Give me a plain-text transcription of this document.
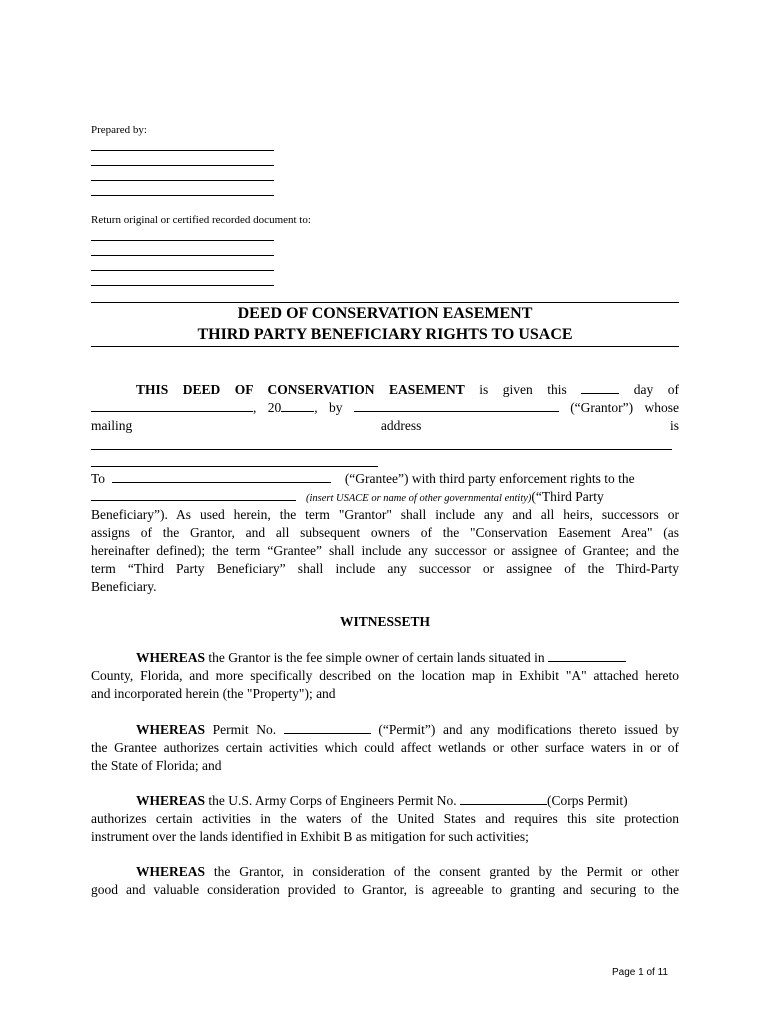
Prepared by:
Return original or certified recorded document to:
DEED OF CONSERVATION EASEMENT
THIRD PARTY BENEFICIARY RIGHTS TO USACE
THIS DEED OF CONSERVATION EASEMENT is given this	day of
, 20 , by	(“Grantor”) whose
mailing	address	is
To	(“Grantee”) with third party enforcement rights to the
(insert USACE or name of other governmental entity)(“Third Party
Beneficiary”). As used herein, the term "Grantor" shall include any and all heirs, successors or
assigns of the Grantor, and all subsequent owners of the "Conservation Easement Area" (as
hereinafter defined); the term “Grantee” shall include any successor or assignee of Grantee; and the
term “Third Party Beneficiary” shall include any successor or assignee of the Third-Party
Beneficiary.
WITNESSETH
WHEREAS the Grantor is the fee simple owner of certain lands situated in
County, Florida, and more specifically described on the location map in Exhibit "A" attached hereto
and incorporated herein (the "Property"); and
WHEREAS Permit No.	(“Permit”) and any modifications thereto issued by
the Grantee authorizes certain activities which could affect wetlands or other surface waters in or of
the State of Florida; and
WHEREAS the U.S. Army Corps of Engineers Permit No.	(Corps Permit)
authorizes certain activities in the waters of the United States and requires this site protection
instrument over the lands identified in Exhibit B as mitigation for such activities;
WHEREAS the Grantor, in consideration of the consent granted by the Permit or other
good and valuable consideration provided to Grantor, is agreeable to granting and securing to the
Page 1 of 11
